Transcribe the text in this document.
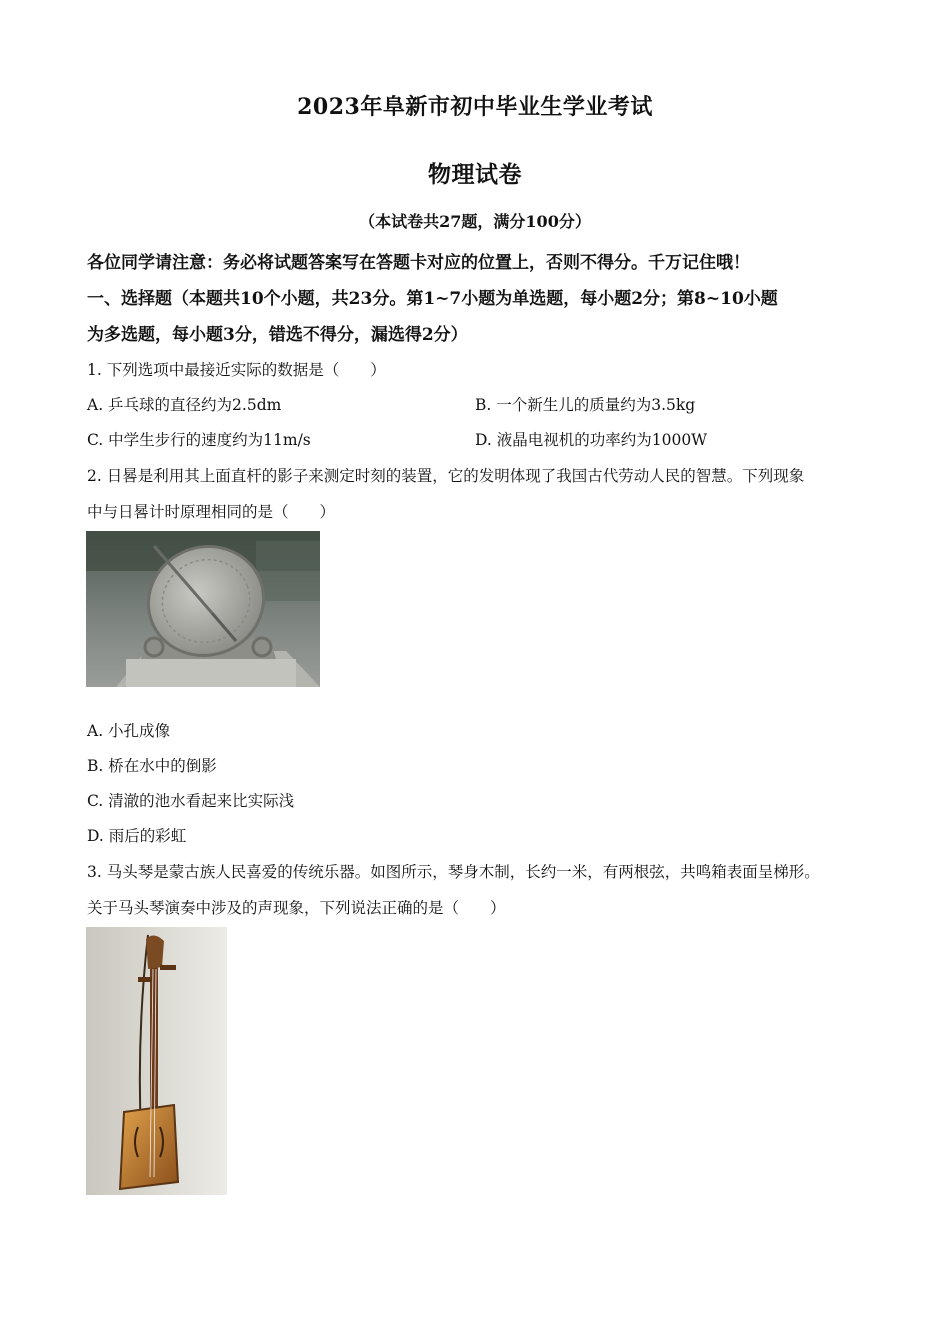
2023年阜新市初中毕业生学业考试
物理试卷
（本试卷共27题，满分100分）
各位同学请注意：务必将试题答案写在答题卡对应的位置上，否则不得分。千万记住哦！
一、选择题（本题共10个小题，共23分。第1~7小题为单选题，每小题2分；第8~10小题
为多选题，每小题3分，错选不得分，漏选得2分）
1. 下列选项中最接近实际的数据是（　　）
A. 乒乓球的直径约为2.5dm	B. 一个新生儿的质量约为3.5kg
C. 中学生步行的速度约为11m/s	D. 液晶电视机的功率约为1000W
2. 日晷是利用其上面直杆的影子来测定时刻的装置，它的发明体现了我国古代劳动人民的智慧。下列现象
中与日晷计时原理相同的是（　　）
A. 小孔成像
B. 桥在水中的倒影
C. 清澈的池水看起来比实际浅
D. 雨后的彩虹
3. 马头琴是蒙古族人民喜爱的传统乐器。如图所示，琴身木制，长约一米，有两根弦，共鸣箱表面呈梯形。
关于马头琴演奏中涉及的声现象，下列说法正确的是（　　）
